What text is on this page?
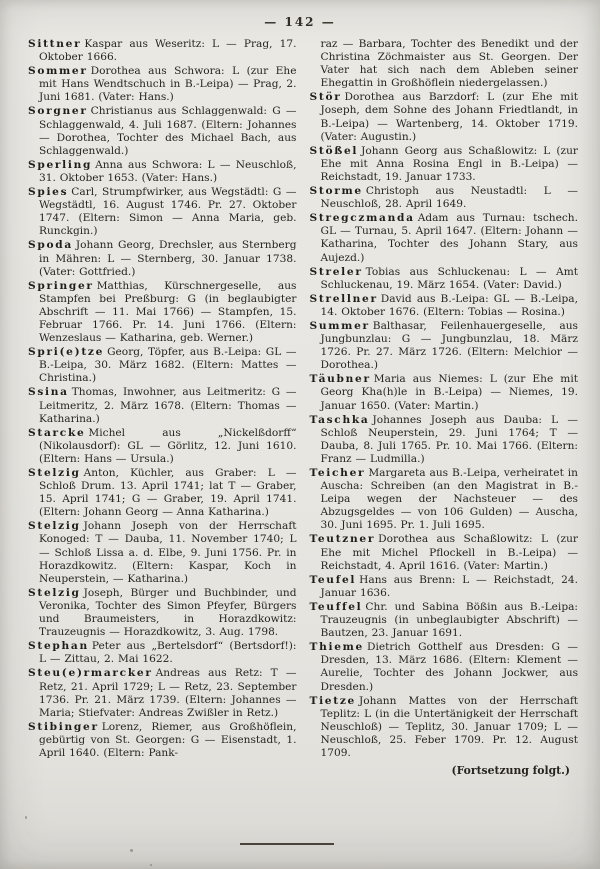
— 142 —

Sittner Kaspar aus Weseritz: L — Prag, 17. Oktober 1666.

Sommer Dorothea aus Schwora: L (zur Ehe mit Hans Wendtschuch in B.-Leipa) — Prag, 2. Juni 1681. (Vater: Hans.)

Sorgner Christianus aus Schlaggenwald: G — Schlaggenwald, 4. Juli 1687. (Eltern: Johannes — Dorothea, Tochter des Michael Bach, aus Schlaggenwald.)

Sperling Anna aus Schwora: L — Neuschloß, 31. Oktober 1653. (Vater: Hans.)

Spies Carl, Strumpfwirker, aus Wegstädtl: G — Wegstädtl, 16. August 1746. Pr. 27. Oktober 1747. (Eltern: Simon — Anna Maria, geb. Runckgin.)

Spoda Johann Georg, Drechsler, aus Sternberg in Mähren: L — Sternberg, 30. Januar 1738. (Vater: Gottfried.)

Springer Matthias, Kürschnergeselle, aus Stampfen bei Preßburg: G (in beglaubigter Abschrift — 11. Mai 1766) — Stampfen, 15. Februar 1766. Pr. 14. Juni 1766. (Eltern: Wenzeslaus — Katharina, geb. Werner.)

Spri(e)tze Georg, Töpfer, aus B.-Leipa: GL — B.-Leipa, 30. März 1682. (Eltern: Mattes — Christina.)

Ssina Thomas, Inwohner, aus Leitmeritz: G — Leitmeritz, 2. März 1678. (Eltern: Thomas — Katharina.)

Starcke Michel aus „Nickelßdorff“ (Nikolausdorf): GL — Görlitz, 12. Juni 1610. (Eltern: Hans — Ursula.)

Stelzig Anton, Küchler, aus Graber: L — Schloß Drum. 13. April 1741; lat T — Graber, 15. April 1741; G — Graber, 19. April 1741. (Eltern: Johann Georg — Anna Katharina.)

Stelzig Johann Joseph von der Herrschaft Konoged: T — Dauba, 11. November 1740; L — Schloß Lissa a. d. Elbe, 9. Juni 1756. Pr. in Horazdkowitz. (Eltern: Kaspar, Koch in Neuperstein, — Katharina.)

Stelzig Joseph, Bürger und Buchbinder, und Veronika, Tochter des Simon Pfeyfer, Bürgers und Braumeisters, in Horazdkowitz: Trauzeugnis — Horazdkowitz, 3. Aug. 1798.

Stephan Peter aus „Bertelsdorf“ (Bertsdorf!): L — Zittau, 2. Mai 1622.

Steu(e)rmarcker Andreas aus Retz: T — Retz, 21. April 1729; L — Retz, 23. September 1736. Pr. 21. März 1739. (Eltern: Johannes — Maria; Stiefvater: Andreas Zwißler in Retz.)

Stibinger Lorenz, Riemer, aus Großhöflein, gebürtig von St. Georgen: G — Eisenstadt, 1. April 1640. (Eltern: Pank-

raz — Barbara, Tochter des Benedikt und der Christina Zöchmaister aus St. Georgen. Der Vater hat sich nach dem Ableben seiner Ehegattin in Großhöflein niedergelassen.)

Stör Dorothea aus Barzdorf: L (zur Ehe mit Joseph, dem Sohne des Johann Friedtlandt, in B.-Leipa) — Wartenberg, 14. Oktober 1719. (Vater: Augustin.)

Stößel Johann Georg aus Schaßlowitz: L (zur Ehe mit Anna Rosina Engl in B.-Leipa) — Reichstadt, 19. Januar 1733.

Storme Christoph aus Neustadtl: L — Neuschloß, 28. April 1649.

Stregczmanda Adam aus Turnau: tschech. GL — Turnau, 5. April 1647. (Eltern: Johann — Katharina, Tochter des Johann Stary, aus Aujezd.)

Streler Tobias aus Schluckenau: L — Amt Schluckenau, 19. März 1654. (Vater: David.)

Strellner David aus B.-Leipa: GL — B.-Leipa, 14. Oktober 1676. (Eltern: Tobias — Rosina.)

Summer Balthasar, Feilenhauergeselle, aus Jungbunzlau: G — Jungbunzlau, 18. März 1726. Pr. 27. März 1726. (Eltern: Melchior — Dorothea.)

Täubner Maria aus Niemes: L (zur Ehe mit Georg Kha(h)le in B.-Leipa) — Niemes, 19. Januar 1650. (Vater: Martin.)

Taschka Johannes Joseph aus Dauba: L — Schloß Neuperstein, 29. Juni 1764; T — Dauba, 8. Juli 1765. Pr. 10. Mai 1766. (Eltern: Franz — Ludmilla.)

Teicher Margareta aus B.-Leipa, verheiratet in Auscha: Schreiben (an den Magistrat in B.-Leipa wegen der Nachsteuer — des Abzugsgeldes — von 106 Gulden) — Auscha, 30. Juni 1695. Pr. 1. Juli 1695.

Teutzner Dorothea aus Schaßlowitz: L (zur Ehe mit Michel Pflockell in B.-Leipa) — Reichstadt, 4. April 1616. (Vater: Martin.)

Teufel Hans aus Brenn: L — Reichstadt, 24. Januar 1636.

Teuffel Chr. und Sabina Bößin aus B.-Leipa: Trauzeugnis (in unbeglaubigter Abschrift) — Bautzen, 23. Januar 1691.

Thieme Dietrich Gotthelf aus Dresden: G — Dresden, 13. März 1686. (Eltern: Klement — Aurelie, Tochter des Johann Jockwer, aus Dresden.)

Tietze Johann Mattes von der Herrschaft Teplitz: L (in die Untertänigkeit der Herrschaft Neuschloß) — Teplitz, 30. Januar 1709; L — Neuschloß, 25. Feber 1709. Pr. 12. August 1709.

(Fortsetzung folgt.)
